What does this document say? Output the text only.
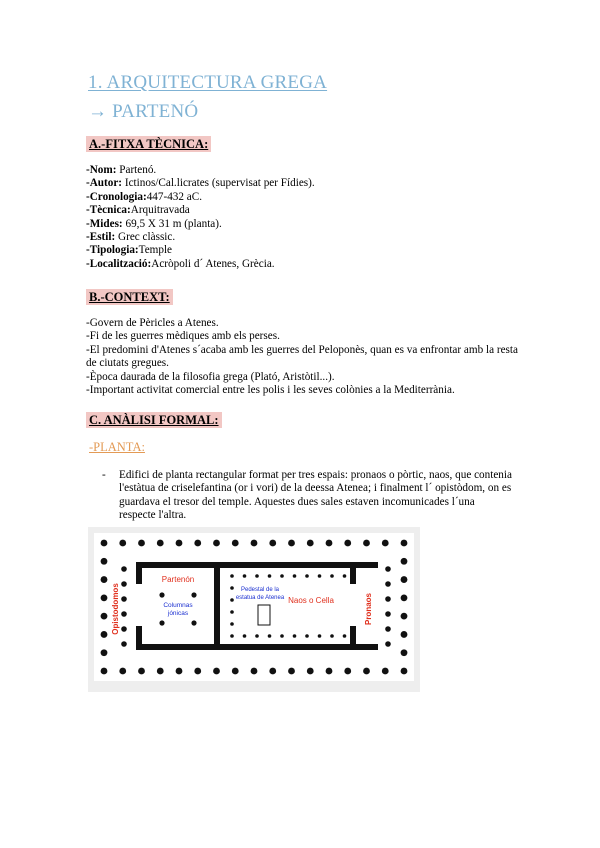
1. ARQUITECTURA GREGA
→ PARTENÓ
A.-FITXA TÈCNICA:
-Nom: Partenó.
-Autor: Ictinos/Cal.licrates (supervisat per Fídies).
-Cronologia:447-432 aC.
-Tècnica:Arquitravada
-Mides: 69,5 X 31 m (planta).
-Estil: Grec clàssic.
-Tipologia:Temple
-Localització:Acròpoli d´ Atenes, Grècia.
B.-CONTEXT:
-Govern de Pèricles a Atenes.
-Fi de les guerres mèdiques amb els perses.
-El predomini d'Atenes s´acaba amb les guerres del Peloponès, quan es va enfrontar amb la resta de ciutats gregues.
-Època daurada de la filosofia grega (Plató, Aristòtil...).
-Important activitat comercial entre les polis i les seves colònies a la Mediterrània.
C. ANÀLISI FORMAL:
-PLANTA:
- Edifici de planta rectangular format per tres espais: pronaos o pòrtic, naos, que contenia l'estàtua de criselefantina (or i vori) de la deessa Atenea; i finalment l´ opistòdom, on es guardava el tresor del temple. Aquestes dues sales estaven incomunicades l´una respecte l'altra.
Opistodomos
Partenón
Columnas
jónicas
Pedestal de la
estatua de Atenea Naos o Cella	Pronaos
